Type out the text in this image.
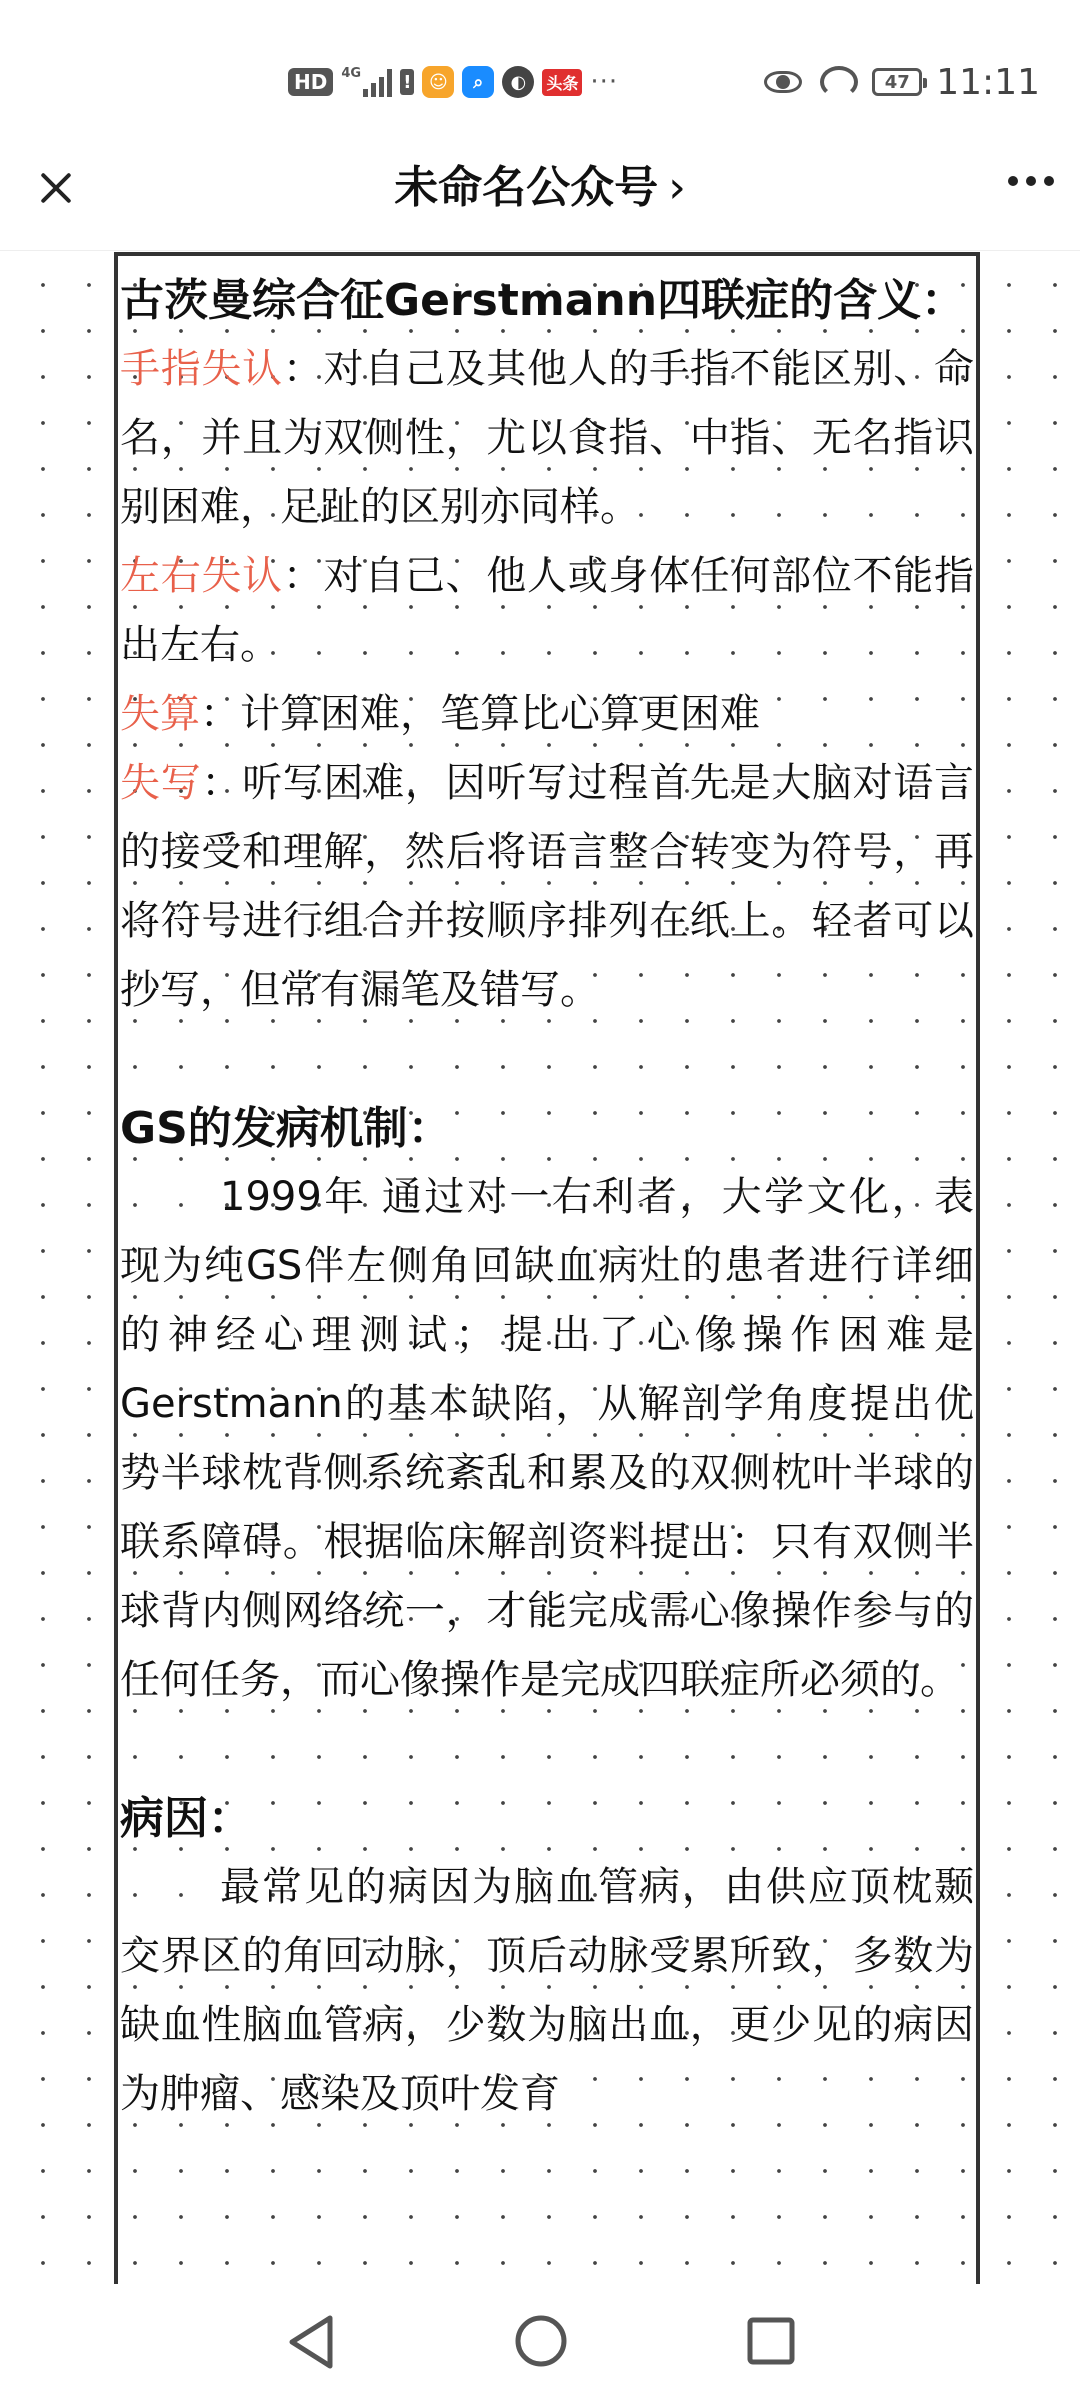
HD	4G ! ☺	⌕	◐	头条 ···	47 11:11
未命名公众号 ›

古茨曼综合征Gerstmann四联症的含义：

手指失认：对自己及其他人的手指不能区别、命名，并且为双侧性，尤以食指、中指、无名指识别困难，足趾的区别亦同样。

左右失认：对自己、他人或身体任何部位不能指出左右。

失算：计算困难，笔算比心算更困难

失写：听写困难，因听写过程首先是大脑对语言的接受和理解，然后将语言整合转变为符号，再将符号进行组合并按顺序排列在纸上。轻者可以抄写，但常有漏笔及错写。

GS的发病机制：

1999年 通过对一右利者，大学文化，表现为纯GS伴左侧角回缺血病灶的患者进行详细的神经心理测试；提出了心像操作困难是Gerstmann的基本缺陷，从解剖学角度提出优势半球枕背侧系统紊乱和累及的双侧枕叶半球的联系障碍。根据临床解剖资料提出：只有双侧半球背内侧网络统一，才能完成需心像操作参与的任何任务，而心像操作是完成四联症所必须的。

病因：

最常见的病因为脑血管病，由供应顶枕颞交界区的角回动脉，顶后动脉受累所致，多数为缺血性脑血管病，少数为脑出血，更少见的病因为肿瘤、感染及顶叶发育
